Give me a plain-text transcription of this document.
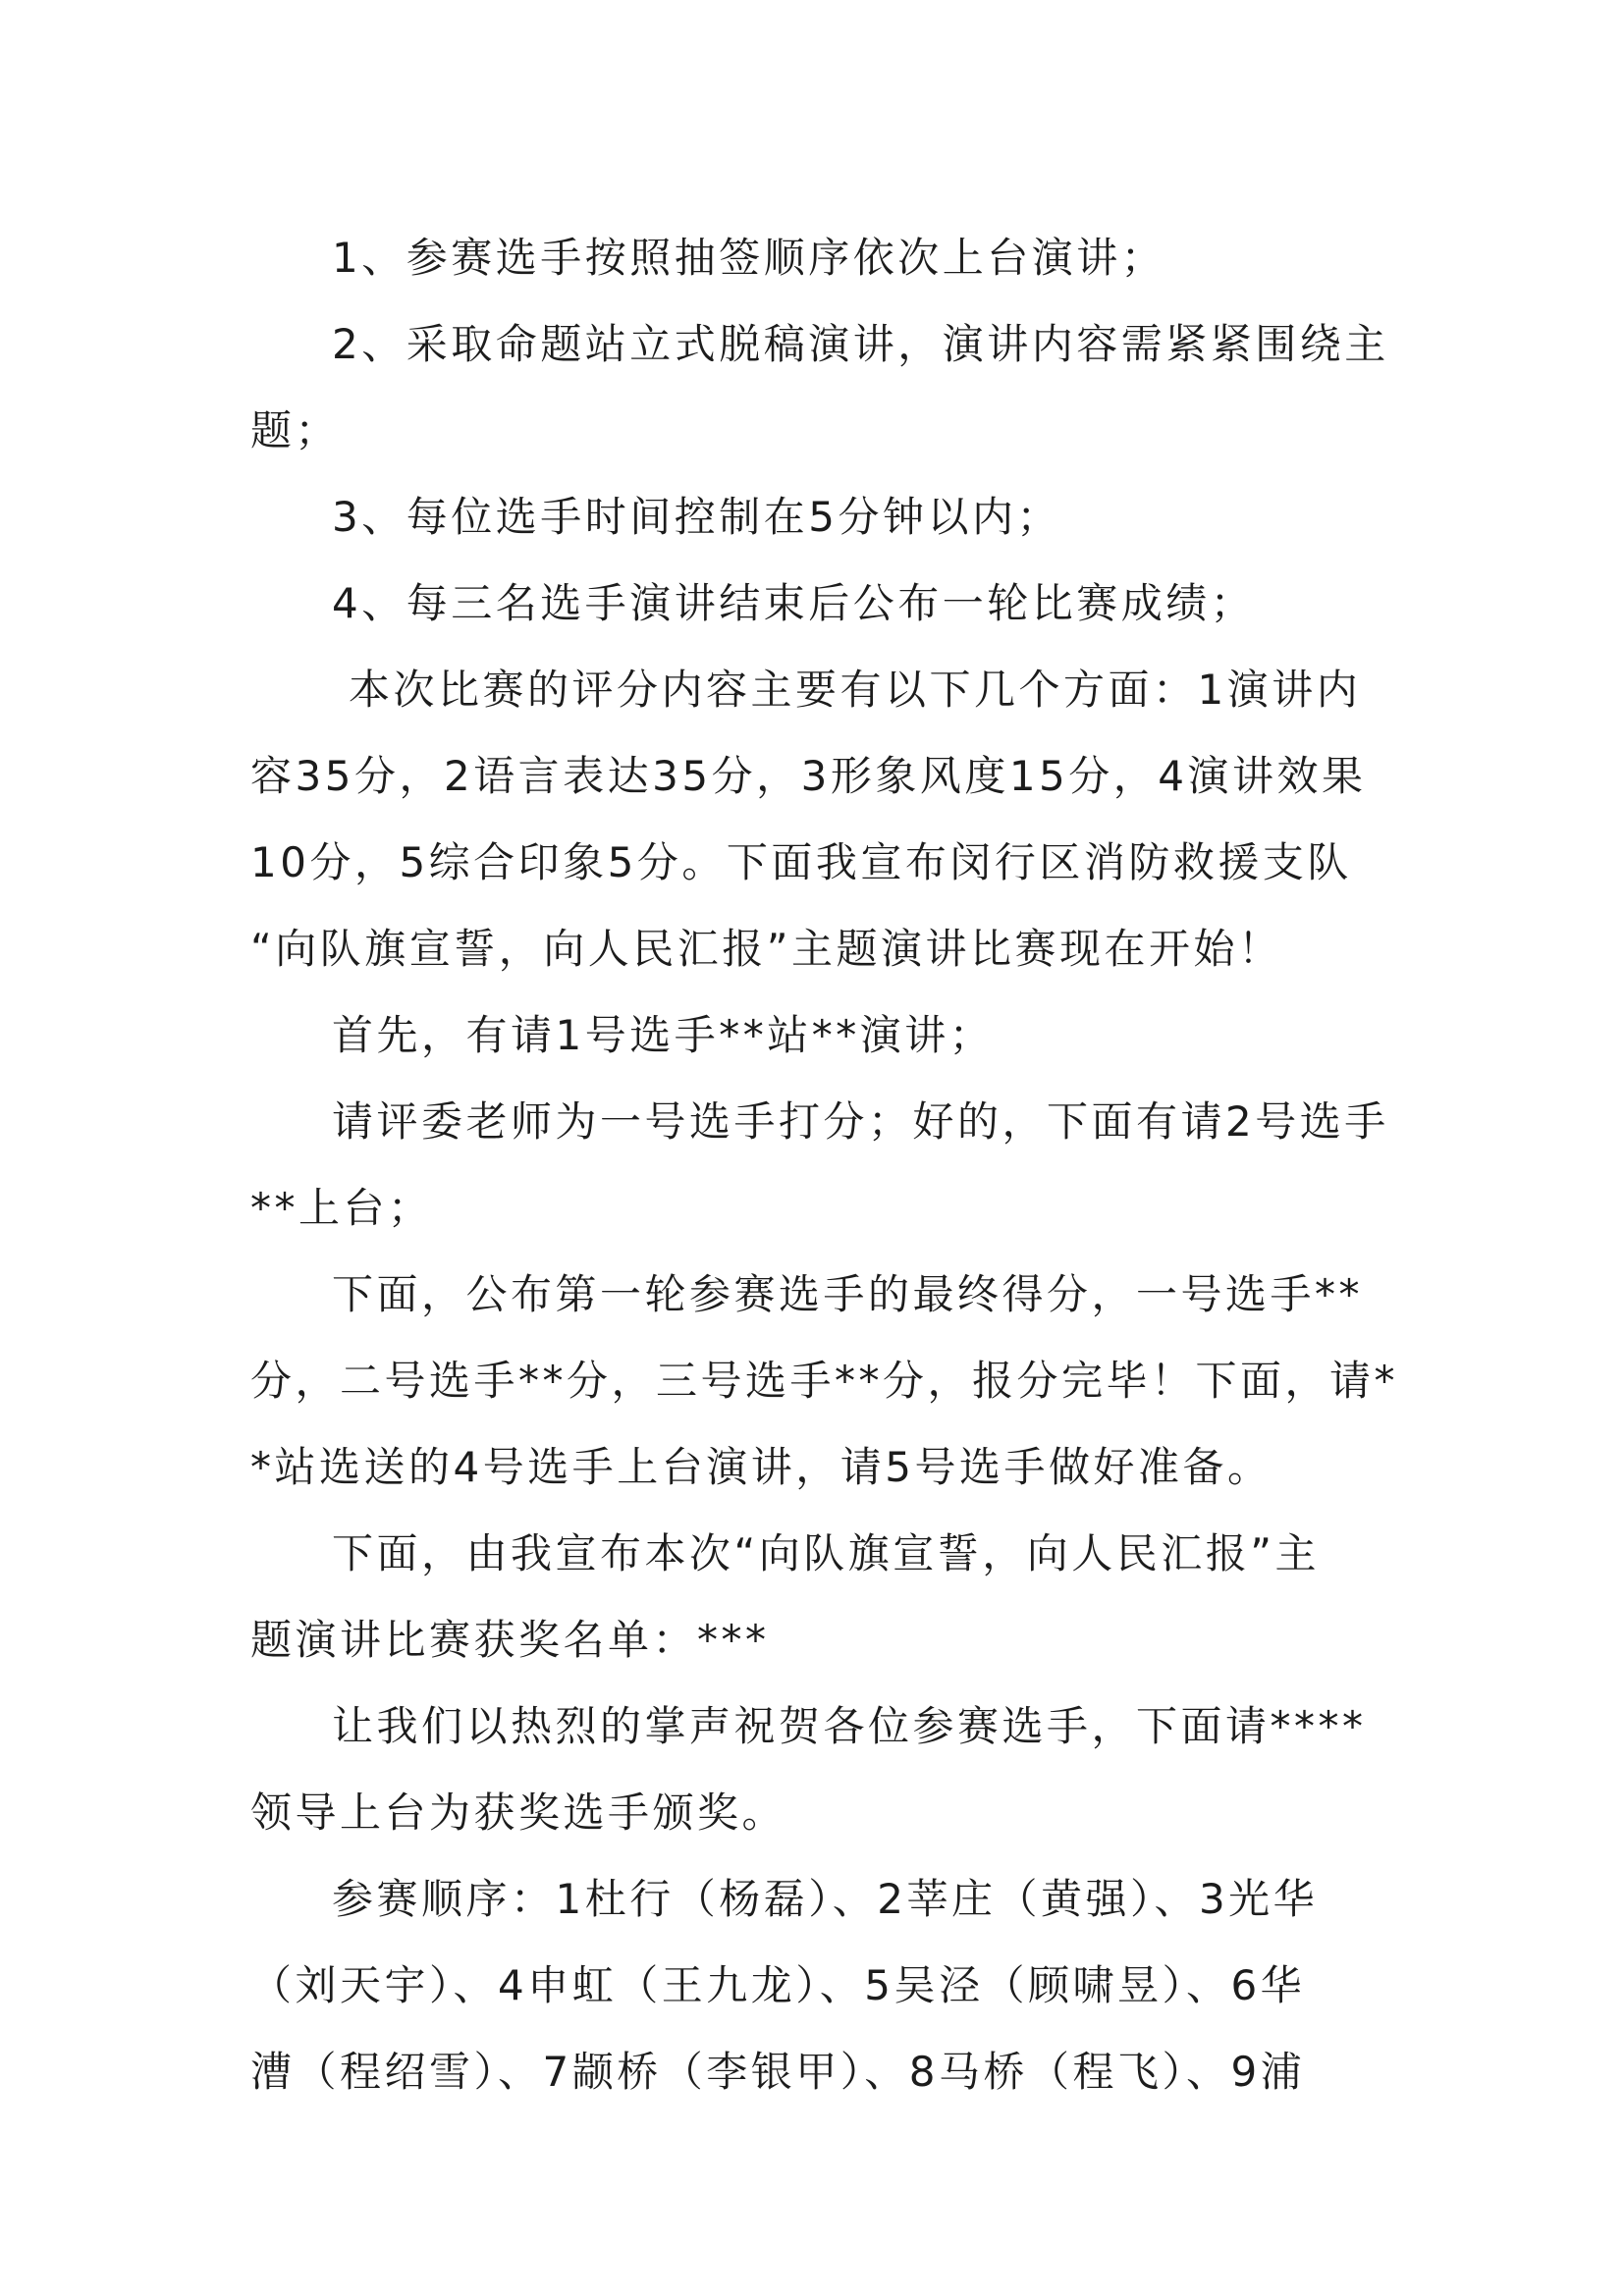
1、参赛选手按照抽签顺序依次上台演讲；

2、采取命题站立式脱稿演讲，演讲内容需紧紧围绕主

题；

3、每位选手时间控制在5分钟以内；

4、每三名选手演讲结束后公布一轮比赛成绩；

本次比赛的评分内容主要有以下几个方面：1演讲内

容35分，2语言表达35分，3形象风度15分，4演讲效果

10分，5综合印象5分。下面我宣布闵行区消防救援支队

“向队旗宣誓，向人民汇报”主题演讲比赛现在开始！

首先，有请1号选手**站**演讲；

请评委老师为一号选手打分；好的，下面有请2号选手

**上台；

下面，公布第一轮参赛选手的最终得分，一号选手**

分，二号选手**分，三号选手**分，报分完毕！下面，请*

*站选送的4号选手上台演讲，请5号选手做好准备。

下面，由我宣布本次“向队旗宣誓，向人民汇报”主

题演讲比赛获奖名单：***

让我们以热烈的掌声祝贺各位参赛选手，下面请****

领导上台为获奖选手颁奖。

参赛顺序：1杜行（杨磊）、2莘庄（黄强）、3光华

（刘天宇）、4申虹（王九龙）、5吴泾（顾啸昱）、6华

漕（程绍雪）、7颛桥（李银甲）、8马桥（程飞）、9浦
